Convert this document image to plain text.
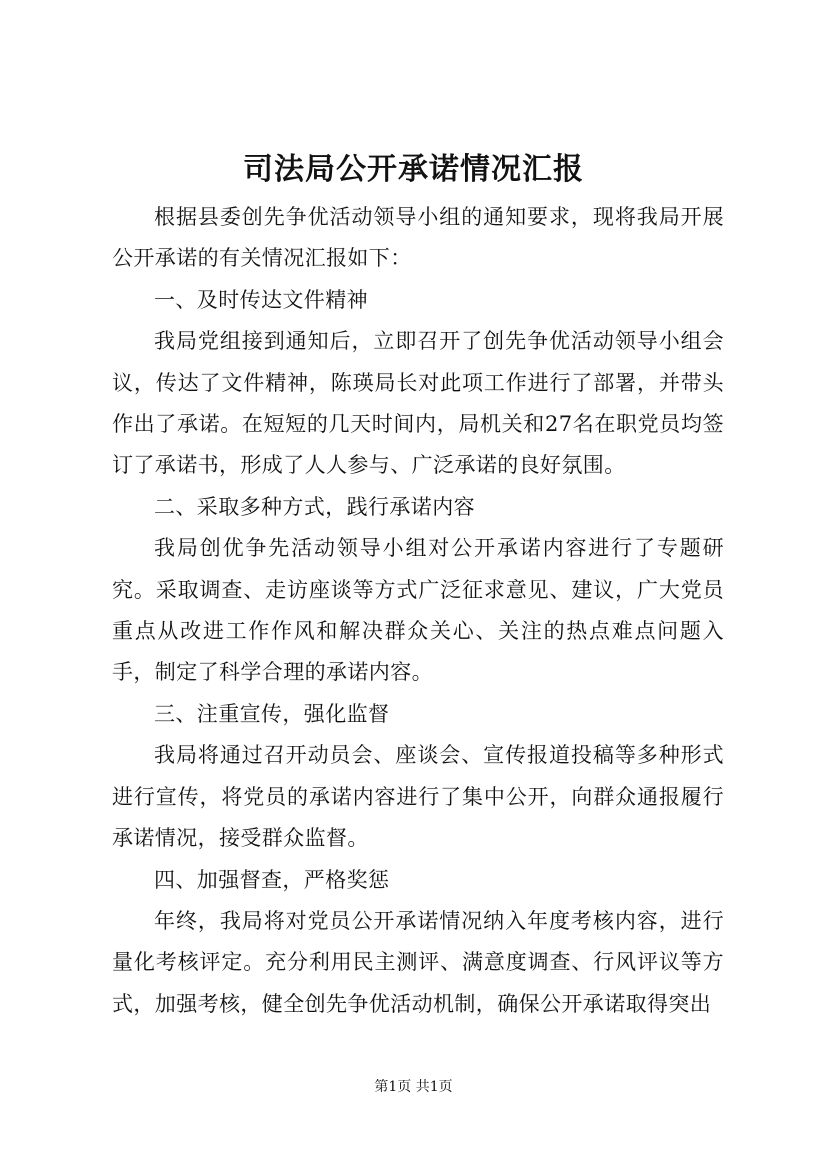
司法局公开承诺情况汇报

根据县委创先争优活动领导小组的通知要求，现将我局开展公开承诺的有关情况汇报如下：

一、及时传达文件精神

我局党组接到通知后，立即召开了创先争优活动领导小组会议，传达了文件精神，陈瑛局长对此项工作进行了部署，并带头作出了承诺。在短短的几天时间内，局机关和27名在职党员均签订了承诺书，形成了人人参与、广泛承诺的良好氛围。

二、采取多种方式，践行承诺内容

我局创优争先活动领导小组对公开承诺内容进行了专题研究。采取调查、走访座谈等方式广泛征求意见、建议，广大党员重点从改进工作作风和解决群众关心、关注的热点难点问题入手，制定了科学合理的承诺内容。

三、注重宣传，强化监督

我局将通过召开动员会、座谈会、宣传报道投稿等多种形式进行宣传，将党员的承诺内容进行了集中公开，向群众通报履行承诺情况，接受群众监督。

四、加强督查，严格奖惩

年终，我局将对党员公开承诺情况纳入年度考核内容，进行量化考核评定。充分利用民主测评、满意度调查、行风评议等方式，加强考核，健全创先争优活动机制，确保公开承诺取得突出

第1页 共1页
